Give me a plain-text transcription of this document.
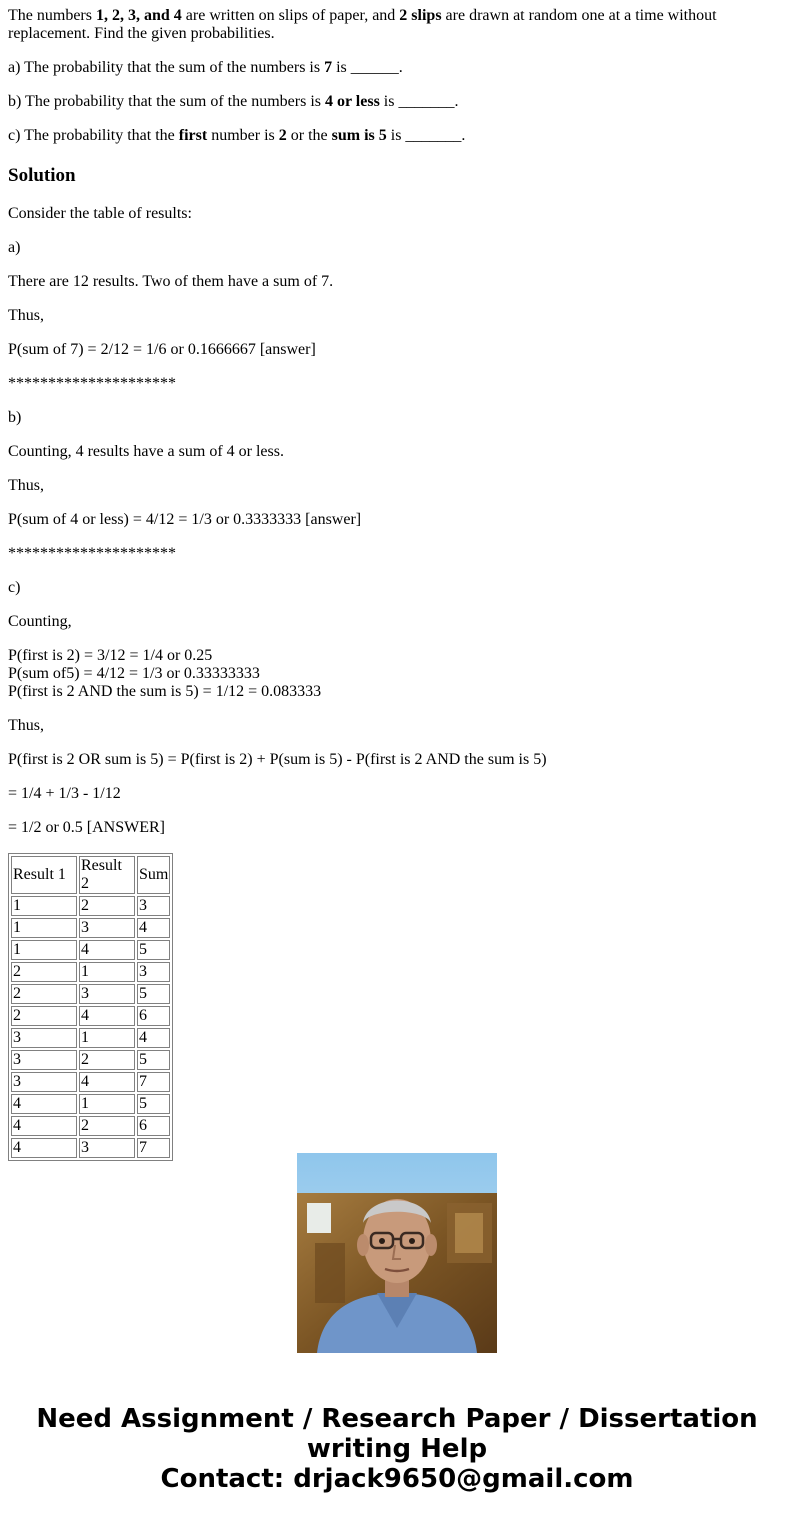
The numbers 1, 2, 3, and 4 are written on slips of paper, and 2 slips are drawn at random one at a time without replacement. Find the given probabilities.

a) The probability that the sum of the numbers is 7 is ______.

b) The probability that the sum of the numbers is 4 or less is _______.

c) The probability that the first number is 2 or the sum is 5 is _______.

Solution

Consider the table of results:

a)

There are 12 results. Two of them have a sum of 7.

Thus,

P(sum of 7) = 2/12 = 1/6 or 0.1666667 [answer]

*********************

b)

Counting, 4 results have a sum of 4 or less.

Thus,

P(sum of 4 or less) = 4/12 = 1/3 or 0.3333333 [answer]

*********************

c)

Counting,

P(first is 2) = 3/12 = 1/4 or 0.25
P(sum of5) = 4/12 = 1/3 or 0.33333333
P(first is 2 AND the sum is 5) = 1/12 = 0.083333

Thus,

P(first is 2 OR sum is 5) = P(first is 2) + P(sum is 5) - P(first is 2 AND the sum is 5)

= 1/4 + 1/3 - 1/12

= 1/2 or 0.5 [ANSWER]

Result 1	Result 2	Sum
1	2	3
1	3	4
1	4	5
2	1	3
2	3	5
2	4	6
3	1	4
3	2	5
3	4	7
4	1	5
4	2	6
4	3	7
Need Assignment / Research Paper / Dissertation
writing Help
Contact: drjack9650@gmail.com
